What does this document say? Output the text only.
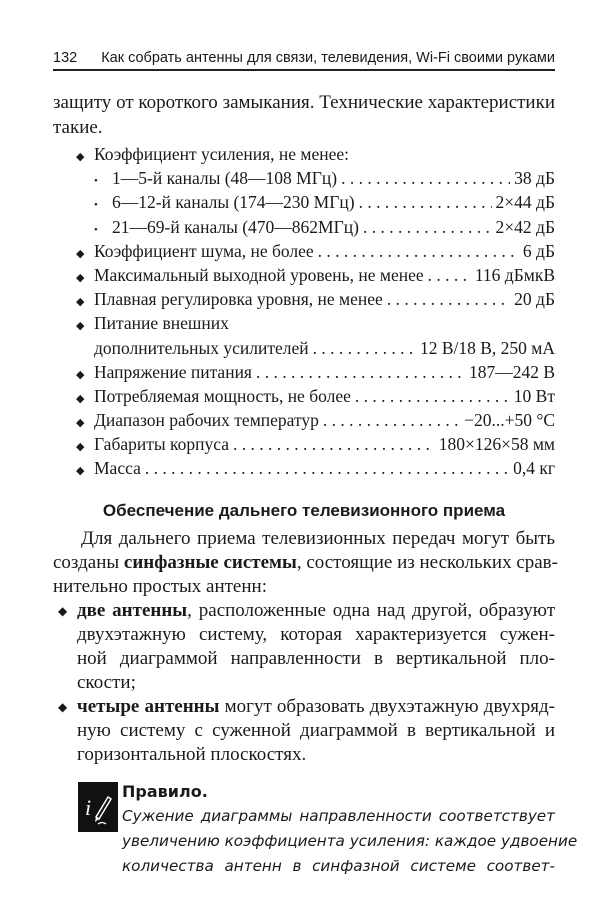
132 Как собрать антенны для связи, телевидения, Wi-Fi своими руками
защиту от короткого замыкания. Технические характеристики
такие.
◆ Коэффициент усиления, не менее:
• 1—5-й каналы (48—108 МГц) . . .	38 дБ
• 6—12-й каналы (174—230 МГц) . . .	2×44 дБ
• 21—69-й каналы (470—862МГц) . . .	2×42 дБ
◆ Коэффициент шума, не более . . .	6 дБ
◆ Максимальный выходной уровень, не менее . . .	116 дБмкВ
◆ Плавная регулировка уровня, не менее . . .	20 дБ
◆ Питание внешних
дополнительных усилителей . . .	12 В/18 В, 250 мА
◆ Напряжение питания . . .	187—242 В
◆ Потребляемая мощность, не более . . .	10 Вт
◆ Диапазон рабочих температур . . .	−20...+50 °C
◆ Габариты корпуса . . .	180×126×58 мм
◆ Масса . . .	0,4 кг
Обеспечение дальнего телевизионного приема
Для дальнего приема телевизионных передач могут быть
созданы синфазные системы, состоящие из нескольких срав-
нительно простых антенн:
◆ две антенны, расположенные одна над другой, образуют
двухэтажную систему, которая характеризуется сужен-
ной диаграммой направленности в вертикальной пло-
скости;
◆ четыре антенны могут образовать двухэтажную двухряд-
ную систему с суженной диаграммой в вертикальной и
горизонтальной плоскостях.
i
Правило.
Сужение диаграммы направленности соответствует
увеличению коэффициента усиления: каждое удвоение
количества антенн в синфазной системе соответ-
